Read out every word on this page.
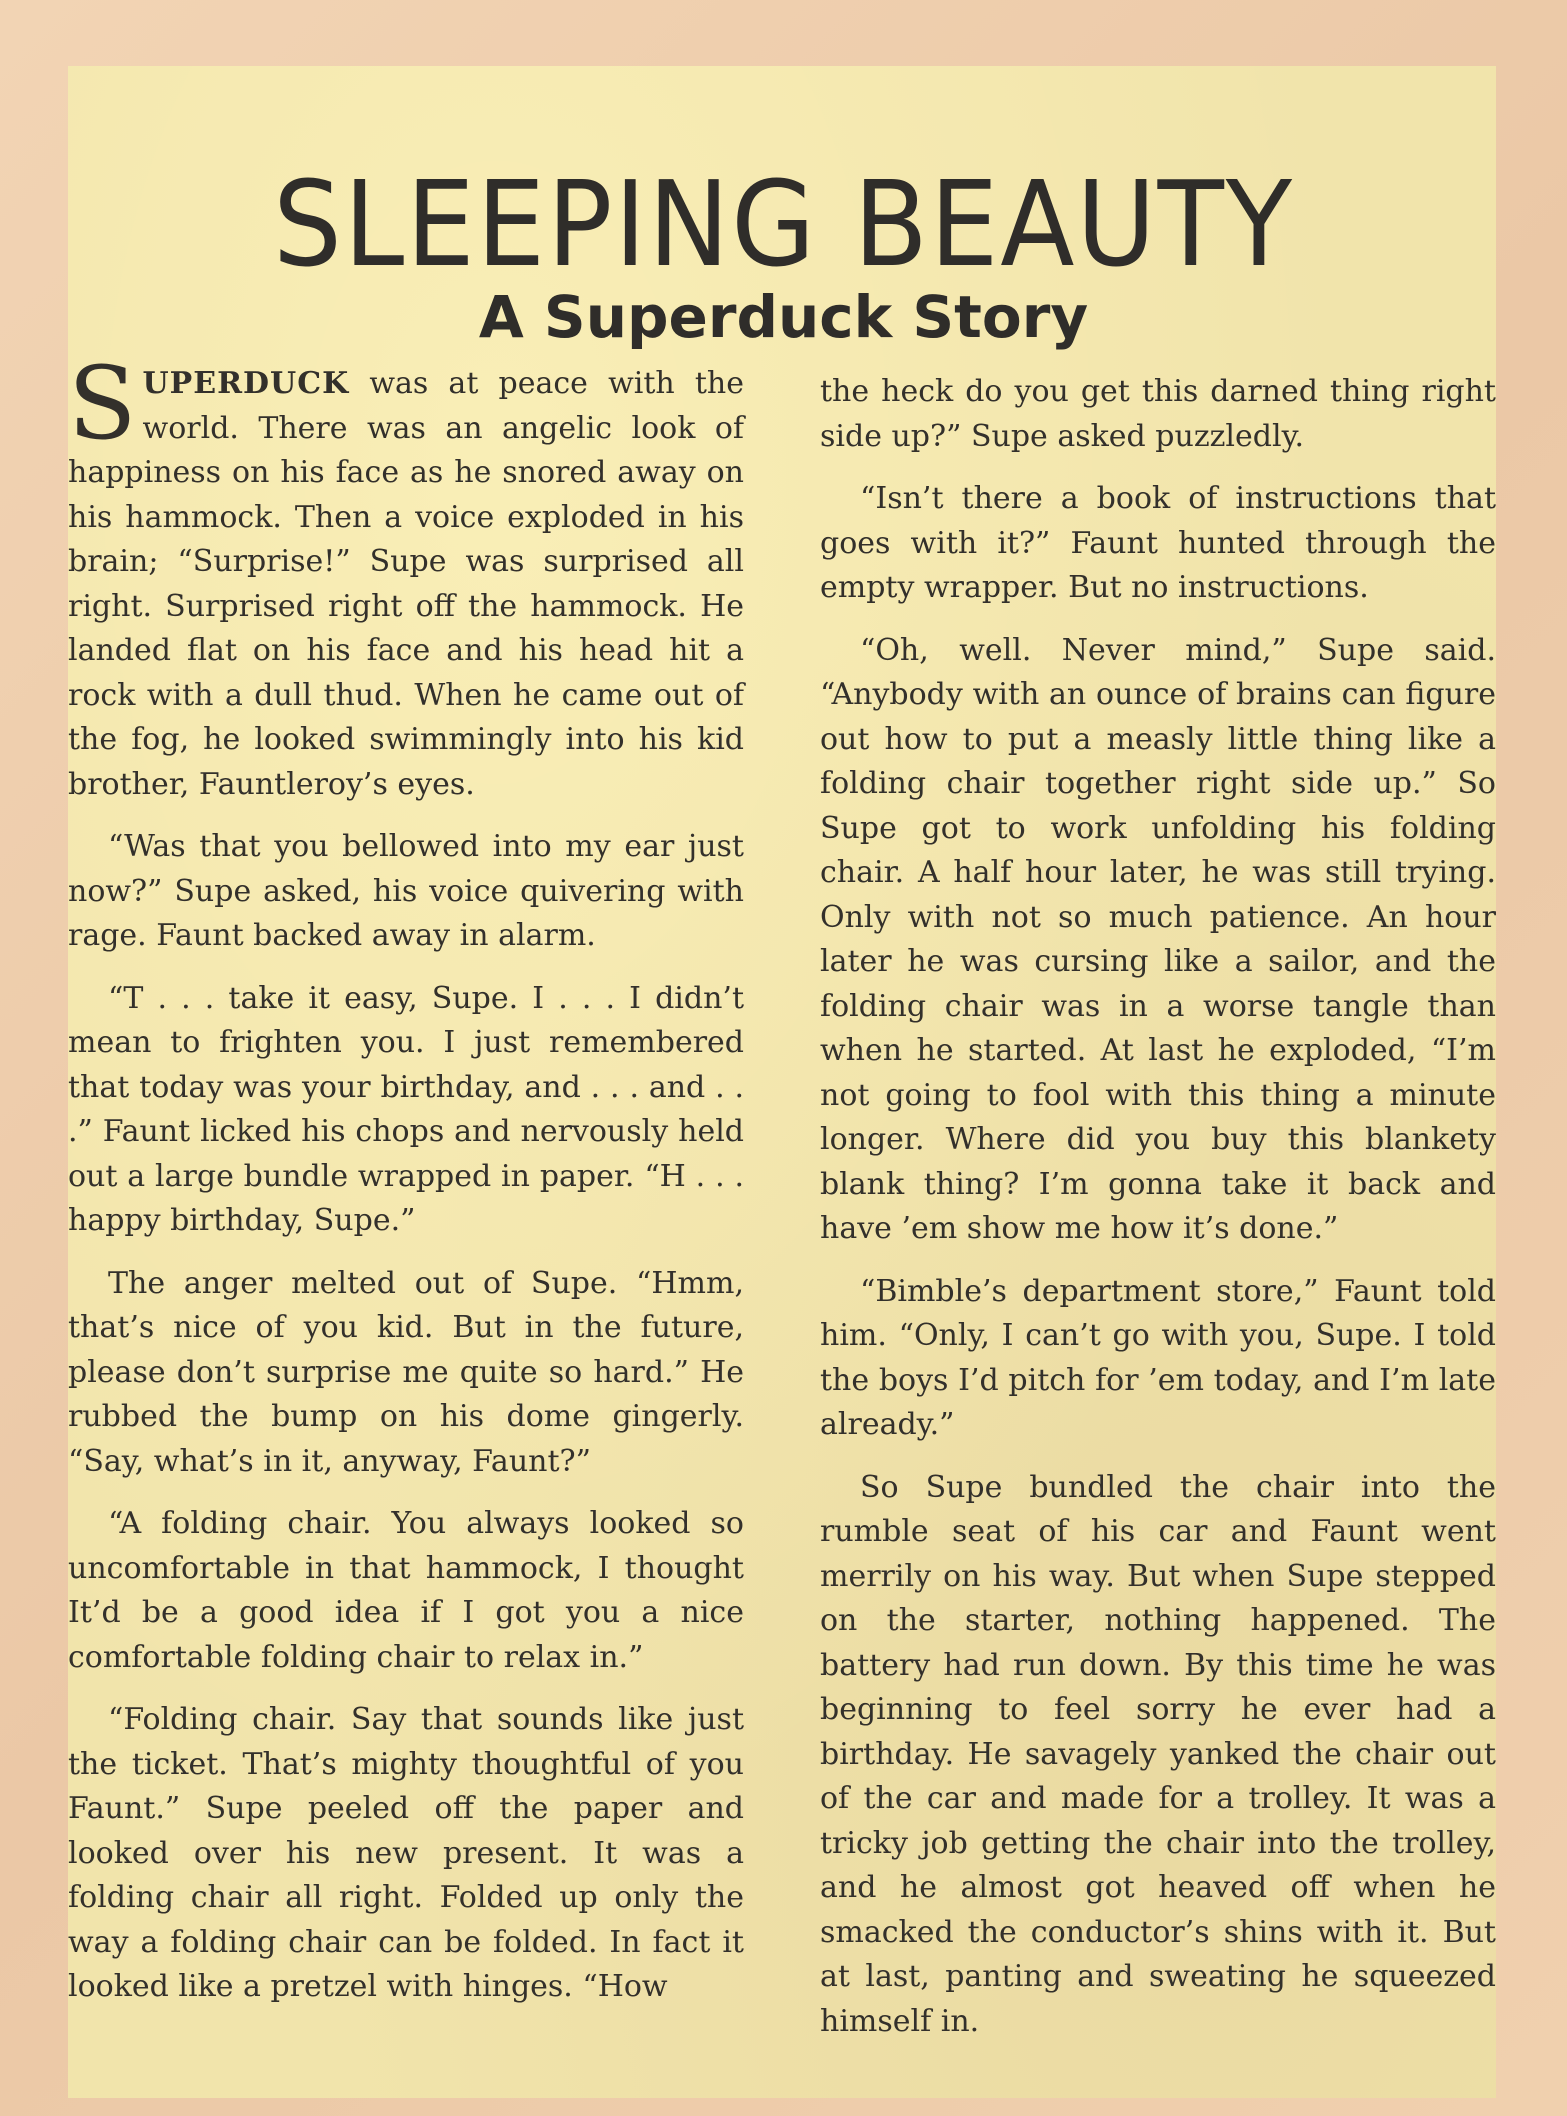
SLEEPING BEAUTY
A Superduck Story

SUPERDUCK was at peace with the world. There was an angelic look of happiness on his face as he snored away on his hammock. Then a voice exploded in his brain; “Surprise!” Supe was surprised all right. Surprised right off the hammock. He landed flat on his face and his head hit a rock with a dull thud. When he came out of the fog, he looked swimmingly into his kid brother, Fauntleroy’s eyes.

“Was that you bellowed into my ear just now?” Supe asked, his voice quivering with rage. Faunt backed away in alarm.

“T . . . take it easy, Supe. I . . . I didn’t mean to frighten you. I just remembered that today was your birthday, and . . . and . . .” Faunt licked his chops and nervously held out a large bundle wrapped in paper. “H . . . happy birthday, Supe.”

The anger melted out of Supe. “Hmm, that’s nice of you kid. But in the future, please don’t surprise me quite so hard.” He rubbed the bump on his dome gingerly. “Say, what’s in it, anyway, Faunt?”

“A folding chair. You always looked so uncomfortable in that hammock, I thought It’d be a good idea if I got you a nice comfortable folding chair to relax in.”

“Folding chair. Say that sounds like just the ticket. That’s mighty thoughtful of you Faunt.” Supe peeled off the paper and looked over his new present. It was a folding chair all right. Folded up only the way a folding chair can be folded. In fact it looked like a pretzel with hinges. “How

the heck do you get this darned thing right side up?” Supe asked puzzledly.

“Isn’t there a book of instructions that goes with it?” Faunt hunted through the empty wrapper. But no instructions.

“Oh, well. Never mind,” Supe said. “Anybody with an ounce of brains can figure out how to put a measly little thing like a folding chair together right side up.” So Supe got to work unfolding his folding chair. A half hour later, he was still trying. Only with not so much patience. An hour later he was cursing like a sailor, and the folding chair was in a worse tangle than when he started. At last he exploded, “I’m not going to fool with this thing a minute longer. Where did you buy this blankety blank thing? I’m gonna take it back and have ’em show me how it’s done.”

“Bimble’s department store,” Faunt told him. “Only, I can’t go with you, Supe. I told the boys I’d pitch for ’em today, and I’m late already.”

So Supe bundled the chair into the rumble seat of his car and Faunt went merrily on his way. But when Supe stepped on the starter, nothing happened. The battery had run down. By this time he was beginning to feel sorry he ever had a birthday. He savagely yanked the chair out of the car and made for a trolley. It was a tricky job getting the chair into the trolley, and he almost got heaved off when he smacked the conductor’s shins with it. But at last, panting and sweating he squeezed himself in.
